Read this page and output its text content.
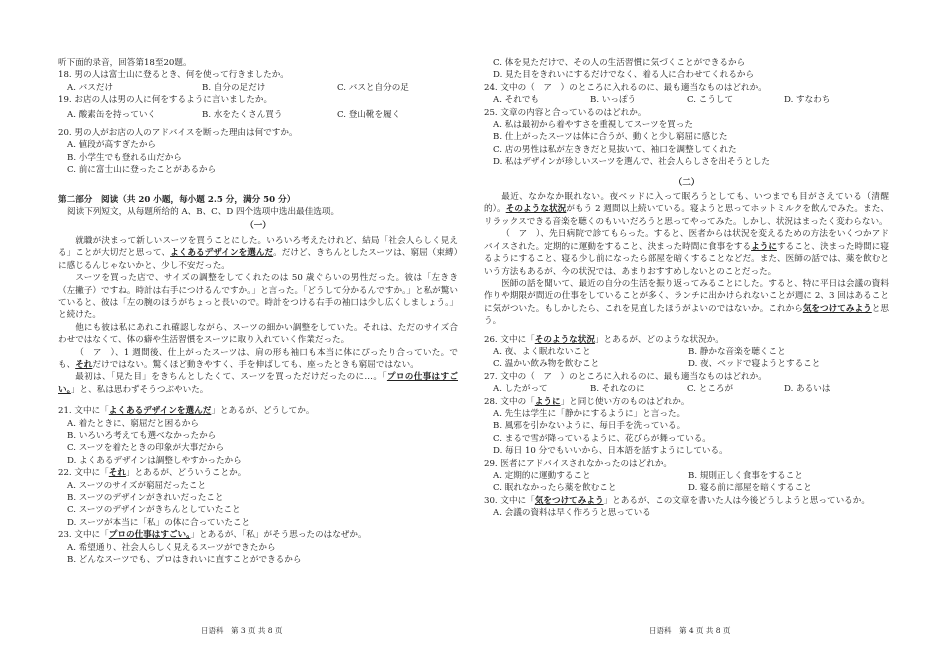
听下面的录音，回答第18至20题。

18. 男の人は富士山に登るとき、何を使って行きましたか。

A. バスだけ	B. 自分の足だけ	C. バスと自分の足

19. お店の人は男の人に何をするように言いましたか。

A. 酸素缶を持っていく	B. 水をたくさん買う	C. 登山靴を履く

20. 男の人がお店の人のアドバイスを断った理由は何ですか。

A. 値段が高すぎたから

B. 小学生でも登れる山だから

C. 前に富士山に登ったことがあるから

第二部分　阅读（共 20 小题，每小题 2.5 分，满分 50 分）

阅读下列短文，从每题所给的 A、B、C、D 四个选项中选出最佳选项。

（一）

就職が決まって新しいスーツを買うことにした。いろいろ考えたけれど、結局「社会人らしく見える」ことが大切だと思って、よくあるデザインを選んだ。だけど、きちんとしたスーツは、窮屈（束縛）に感じるんじゃないかと、少し不安だった。

スーツを買った店で、サイズの調整をしてくれたのは 50 歳ぐらいの男性だった。彼は「左きき（左撇子）ですね。時計は右手につけるんですか。」と言った。「どうして分かるんですか。」と私が驚いていると、彼は「左の腕のほうがちょっと長いので。時計をつける右手の袖口は少し広くしましょう。」と続けた。

他にも彼は私にあれこれ確認しながら、スーツの細かい調整をしていた。それは、ただのサイズ合わせではなくて、体の癖や生活習慣をスーツに取り入れていく作業だった。

（　ア　）、1 週間後、仕上がったスーツは、肩の形も袖口も本当に体にぴったり合っていた。でも、それだけではない。驚くほど動きやすく、手を伸ばしても、座ったときも窮屈ではない。

最初は、「見た目」をきちんとしたくて、スーツを買っただけだったのに…。「プロの仕事はすごい。」と、私は思わずそうつぶやいた。

21. 文中に「よくあるデザインを選んだ」とあるが、どうしてか。

A. 着たときに、窮屈だと困るから

B. いろいろ考えても選べなかったから

C. スーツを着たときの印象が大事だから

D. よくあるデザインは調整しやすかったから

22. 文中に「それ」とあるが、どういうことか。

A. スーツのサイズが窮屈だったこと

B. スーツのデザインがきれいだったこと

C. スーツのデザインがきちんとしていたこと

D. スーツが本当に「私」の体に合っていたこと

23. 文中に「プロの仕事はすごい。」とあるが、「私」がそう思ったのはなぜか。

A. 希望通り、社会人らしく見えるスーツができたから

B. どんなスーツでも、プロはきれいに直すことができるから

C. 体を見ただけで、その人の生活習慣に気づくことができるから

D. 見た目をきれいにするだけでなく、着る人に合わせてくれるから

24. 文中の（　ア　）のところに入れるのに、最も適当なものはどれか。

A. それでも	B. いっぽう	C. こうして	D. すなわち

25. 文章の内容と合っているのはどれか。

A. 私は最初から着やすさを重視してスーツを買った

B. 仕上がったスーツは体に合うが、動くと少し窮屈に感じた

C. 店の男性は私が左ききだと見抜いて、袖口を調整してくれた

D. 私はデザインが珍しいスーツを選んで、社会人らしさを出そうとした

（二）

最近、なかなか眠れない。夜ベッドに入って眠ろうとしても、いつまでも目がさえている（清醒的）。そのような状況がもう 2 週間以上続いている。寝ようと思ってホットミルクを飲んでみた。また、リラックスできる音楽を聴くのもいいだろうと思ってやってみた。しかし、状況はまったく変わらない。

（　ア　）、先日病院で診てもらった。すると、医者からは状況を変えるための方法をいくつかアドバイスされた。定期的に運動をすること、決まった時間に食事をするようにすること、決まった時間に寝るようにすること、寝る少し前になったら部屋を暗くすることなどだ。また、医師の話では、薬を飲むという方法もあるが、今の状況では、あまりおすすめしないとのことだった。

医師の話を聞いて、最近の自分の生活を振り返ってみることにした。すると、特に平日は会議の資料作りや期限が間近の仕事をしていることが多く、ランチに出かけられないことが週に 2、3 回はあることに気がついた。もしかしたら、これを見直したほうがよいのではないか。これから気をつけてみようと思う。

26. 文中に「そのような状況」とあるが、どのような状況か。

A. 夜、よく眠れないこと	B. 静かな音楽を聴くこと
C. 温かい飲み物を飲むこと	D. 夜、ベッドで寝ようとすること

27. 文中の（　ア　）のところに入れるのに、最も適当なものはどれか。

A. したがって	B. それなのに	C. ところが	D. あるいは

28. 文中の「ように」と同じ使い方のものはどれか。

A. 先生は学生に「静かにするように」と言った。

B. 風邪を引かないように、毎日手を洗っている。

C. まるで雪が降っているように、花びらが舞っている。

D. 毎日 10 分でもいいから、日本語を話すようにしている。

29. 医者にアドバイスされなかったのはどれか。

A. 定期的に運動すること	B. 規則正しく食事をすること
C. 眠れなかったら薬を飲むこと	D. 寝る前に部屋を暗くすること

30. 文中に「気をつけてみよう」とあるが、この文章を書いた人は今後どうしようと思っているか。

A. 会議の資料は早く作ろうと思っている

日语科　第 3 页 共 8 页	日语科　第 4 页 共 8 页
